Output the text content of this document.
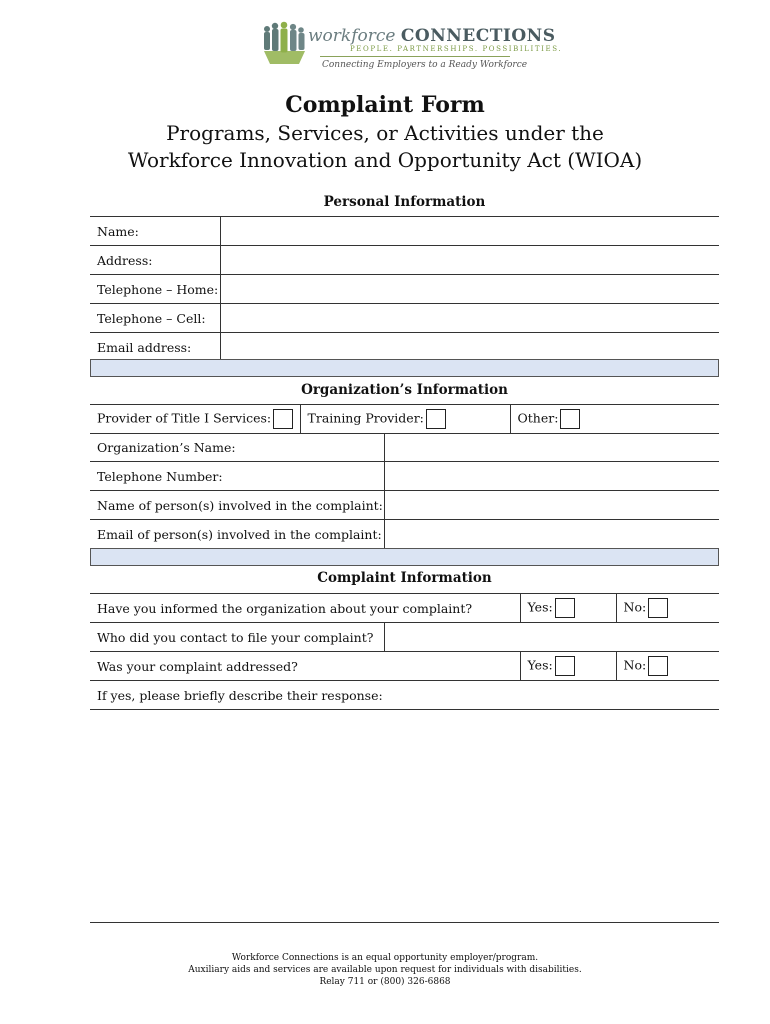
workforce CONNECTIONS
PEOPLE. PARTNERSHIPS. POSSIBILITIES.
Connecting Employers to a Ready Workforce
Complaint Form
Programs, Services, or Activities under the
Workforce Innovation and Opportunity Act (WIOA)
Personal Information
Name:	
Address:	
Telephone – Home:	
Telephone – Cell:	
Email address:	
Organization’s Information
Provider of Title I Services:	Training Provider:	Other:
Organization’s Name:	
Telephone Number:	
Name of person(s) involved in the complaint:	
Email of person(s) involved in the complaint:	
Complaint Information
Have you informed the organization about your complaint?		Yes:	No:
Who did you contact to file your complaint?			
Was your complaint addressed?		Yes:	No:
If yes, please briefly describe their response:			
Workforce Connections is an equal opportunity employer/program.
Auxiliary aids and services are available upon request for individuals with disabilities.
Relay 711 or (800) 326-6868
